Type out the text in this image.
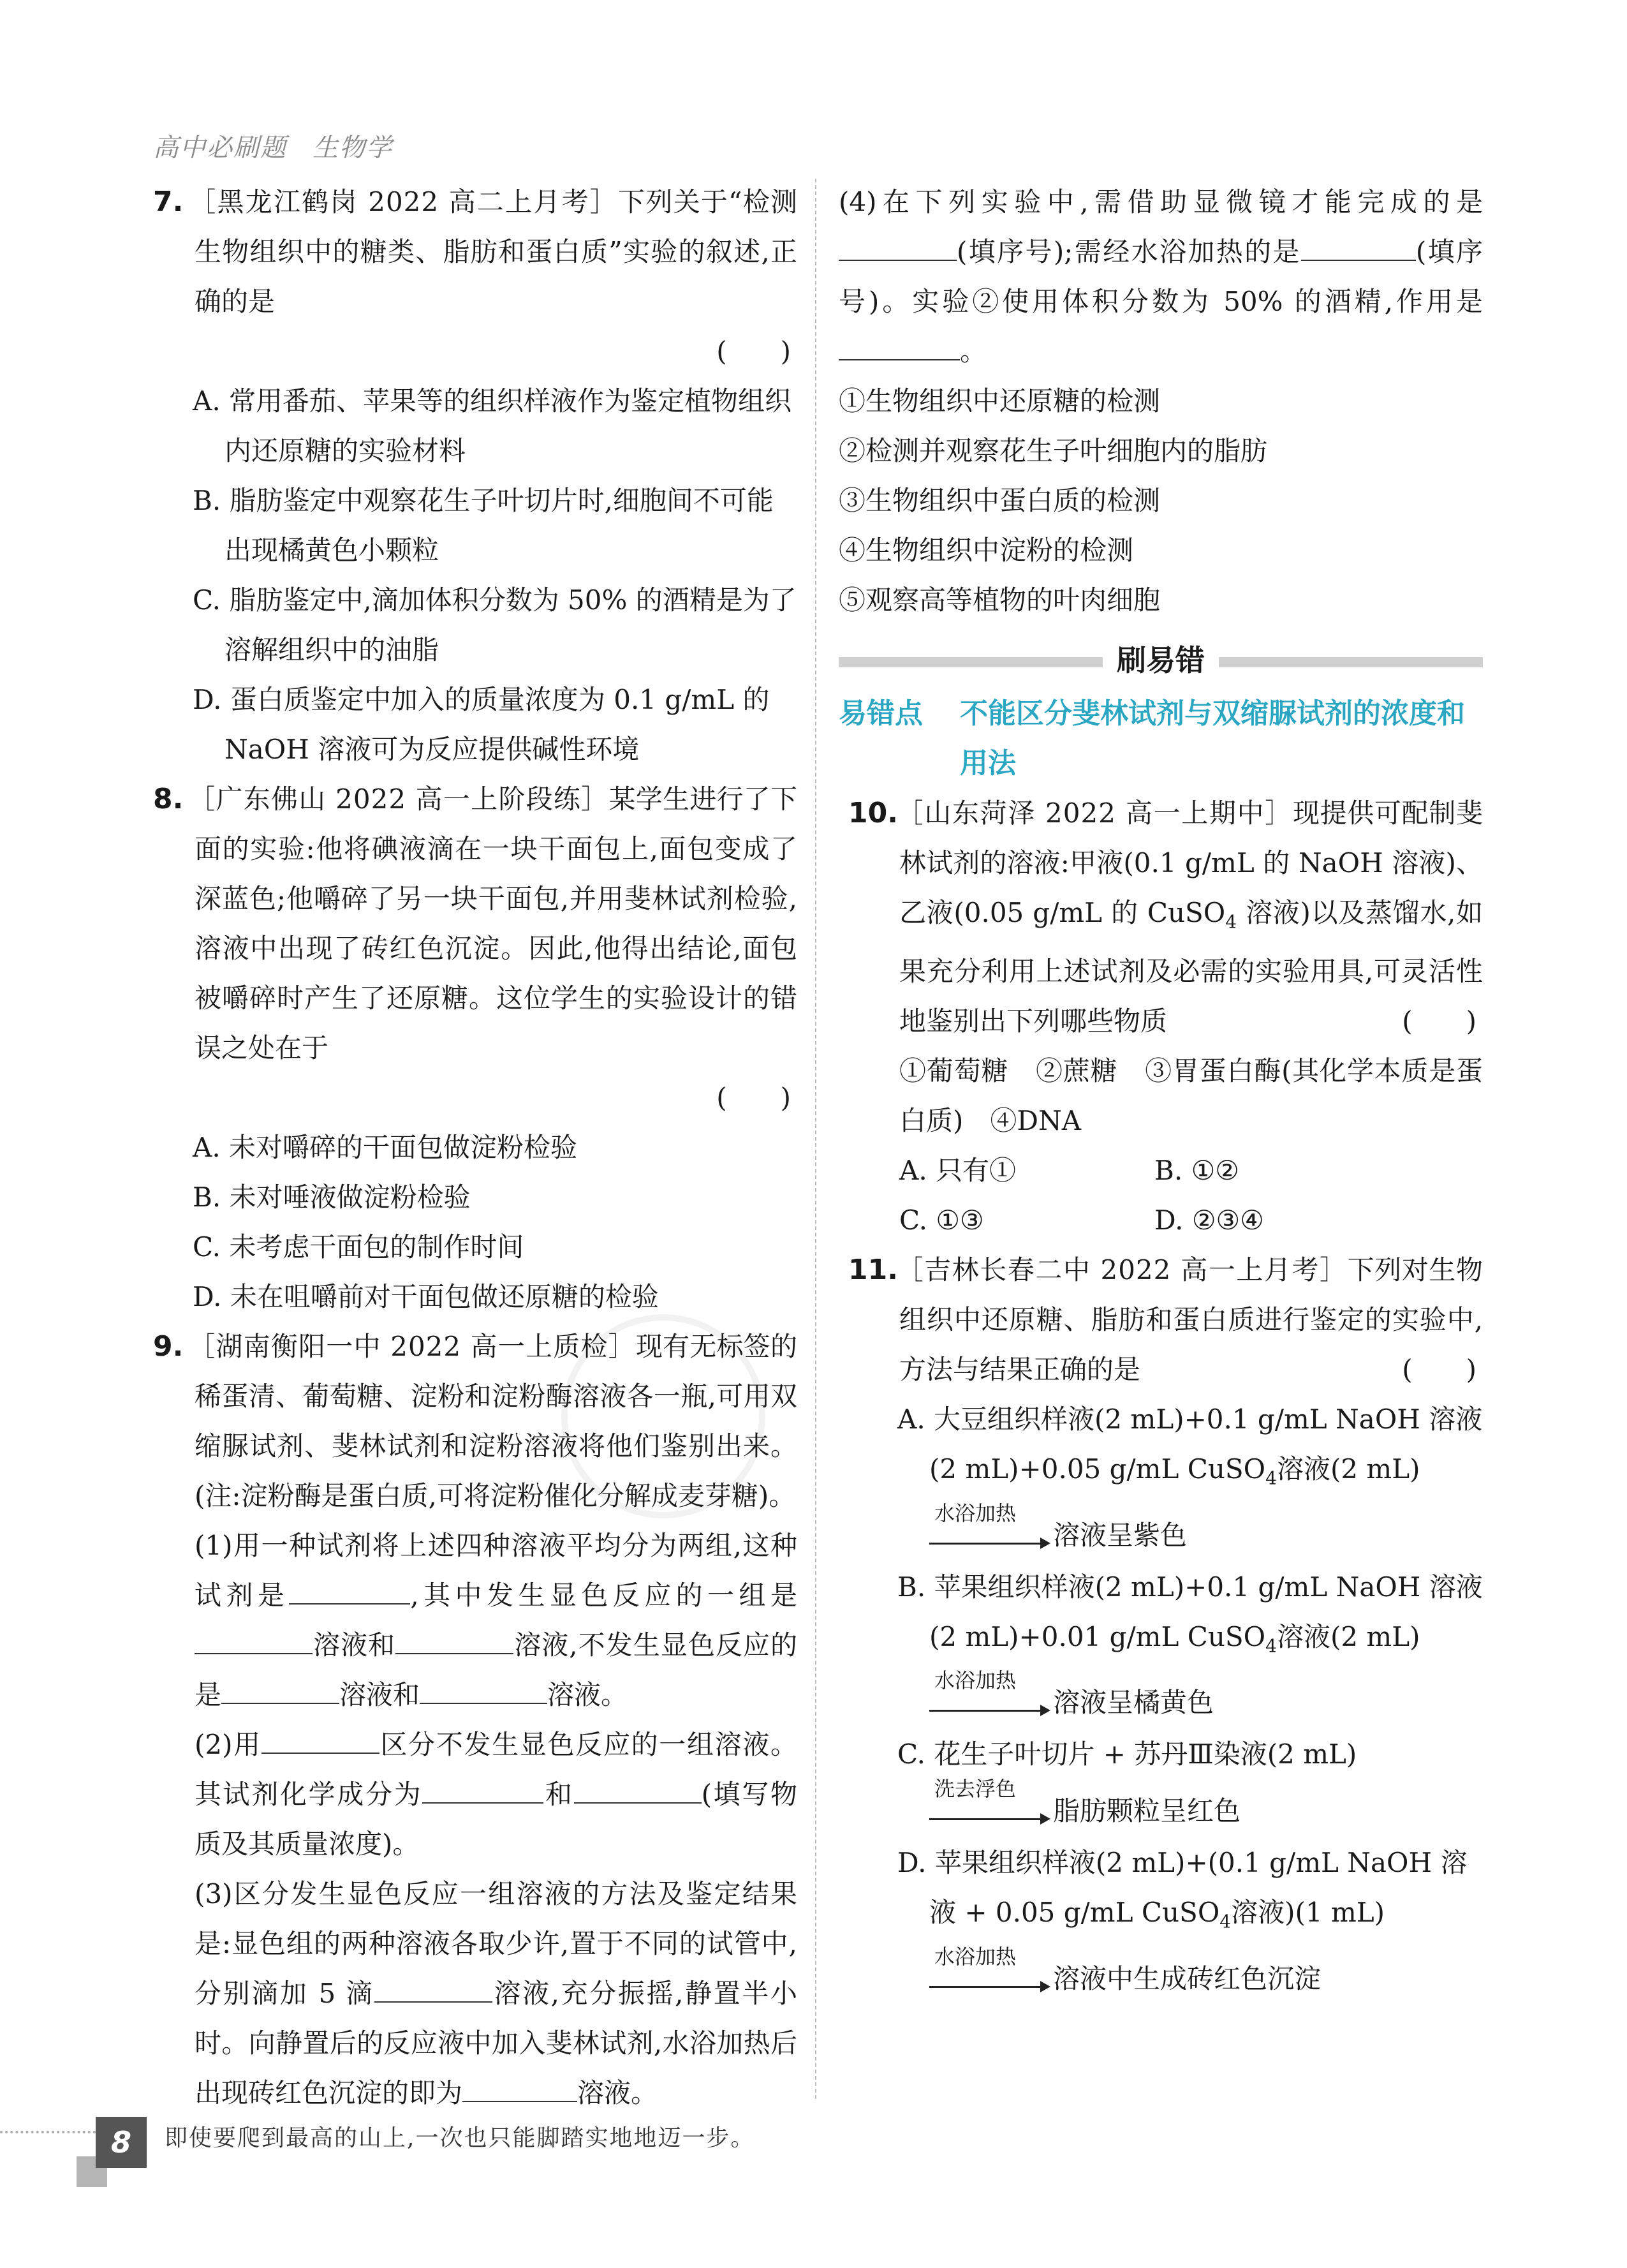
高中必刷题 生物学
7. ［黑龙江鹤岗 2022 高二上月考］下列关于“检测生物组织中的糖类、脂肪和蛋白质”实验的叙述,正确的是
(　　)
A. 常用番茄、苹果等的组织样液作为鉴定植物组织内还原糖的实验材料
B. 脂肪鉴定中观察花生子叶切片时,细胞间不可能出现橘黄色小颗粒
C. 脂肪鉴定中,滴加体积分数为 50% 的酒精是为了溶解组织中的油脂
D. 蛋白质鉴定中加入的质量浓度为 0.1 g/mL 的 NaOH 溶液可为反应提供碱性环境
8. ［广东佛山 2022 高一上阶段练］某学生进行了下面的实验:他将碘液滴在一块干面包上,面包变成了深蓝色;他嚼碎了另一块干面包,并用斐林试剂检验,溶液中出现了砖红色沉淀。因此,他得出结论,面包被嚼碎时产生了还原糖。这位学生的实验设计的错误之处在于
(　　)
A. 未对嚼碎的干面包做淀粉检验
B. 未对唾液做淀粉检验
C. 未考虑干面包的制作时间
D. 未在咀嚼前对干面包做还原糖的检验
9. ［湖南衡阳一中 2022 高一上质检］现有无标签的稀蛋清、葡萄糖、淀粉和淀粉酶溶液各一瓶,可用双缩脲试剂、斐林试剂和淀粉溶液将他们鉴别出来。(注:淀粉酶是蛋白质,可将淀粉催化分解成麦芽糖)。
(1)用一种试剂将上述四种溶液平均分为两组,这种试剂是	,其中发生显色反应的一组是溶液和	溶液,不发生显色反应的是	溶液和	溶液。
(2)用	区分不发生显色反应的一组溶液。其试剂化学成分为	和	(填写物质及其质量浓度)。
(3)区分发生显色反应一组溶液的方法及鉴定结果是:显色组的两种溶液各取少许,置于不同的试管中,分别滴加 5 滴	溶液,充分振摇,静置半小时。向静置后的反应液中加入斐林试剂,水浴加热后出现砖红色沉淀的即为	溶液。
(4)在下列实验中,需借助显微镜才能完成的是(填序号);需经水浴加热的是	(填序号)。实验②使用体积分数为 50% 的酒精,作用是。
①生物组织中还原糖的检测
②检测并观察花生子叶细胞内的脂肪
③生物组织中蛋白质的检测
④生物组织中淀粉的检测
⑤观察高等植物的叶肉细胞
刷易错
易错点 不能区分斐林试剂与双缩脲试剂的浓度和用法
10.［山东菏泽 2022 高一上期中］现提供可配制斐林试剂的溶液:甲液(0.1 g/mL 的 NaOH 溶液)、乙液(0.05 g/mL 的 CuSO$_4$ 溶液)以及蒸馏水,如果充分利用上述试剂及必需的实验用具,可灵活性地鉴别出下列哪些物质	(　　)
①葡萄糖　②蔗糖　③胃蛋白酶(其化学本质是蛋白质)　④DNA
A. 只有①	B. ①②
C. ①③	D. ②③④
11.［吉林长春二中 2022 高一上月考］下列对生物组织中还原糖、脂肪和蛋白质进行鉴定的实验中,方法与结果正确的是	(　　)
A. 大豆组织样液(2 mL)+0.1 g/mL NaOH 溶液(2 mL)+0.05 g/mL CuSO$_4$溶液(2 mL)
水浴加热
溶液呈紫色
B. 苹果组织样液(2 mL)+0.1 g/mL NaOH 溶液(2 mL)+0.01 g/mL CuSO$_4$溶液(2 mL)
水浴加热
溶液呈橘黄色
C. 花生子叶切片 + 苏丹Ⅲ染液(2 mL)
洗去浮色
脂肪颗粒呈红色
D. 苹果组织样液(2 mL)+(0.1 g/mL NaOH 溶液 + 0.05 g/mL CuSO$_4$溶液)(1 mL)
水浴加热
溶液中生成砖红色沉淀
8	即使要爬到最高的山上,一次也只能脚踏实地地迈一步。
